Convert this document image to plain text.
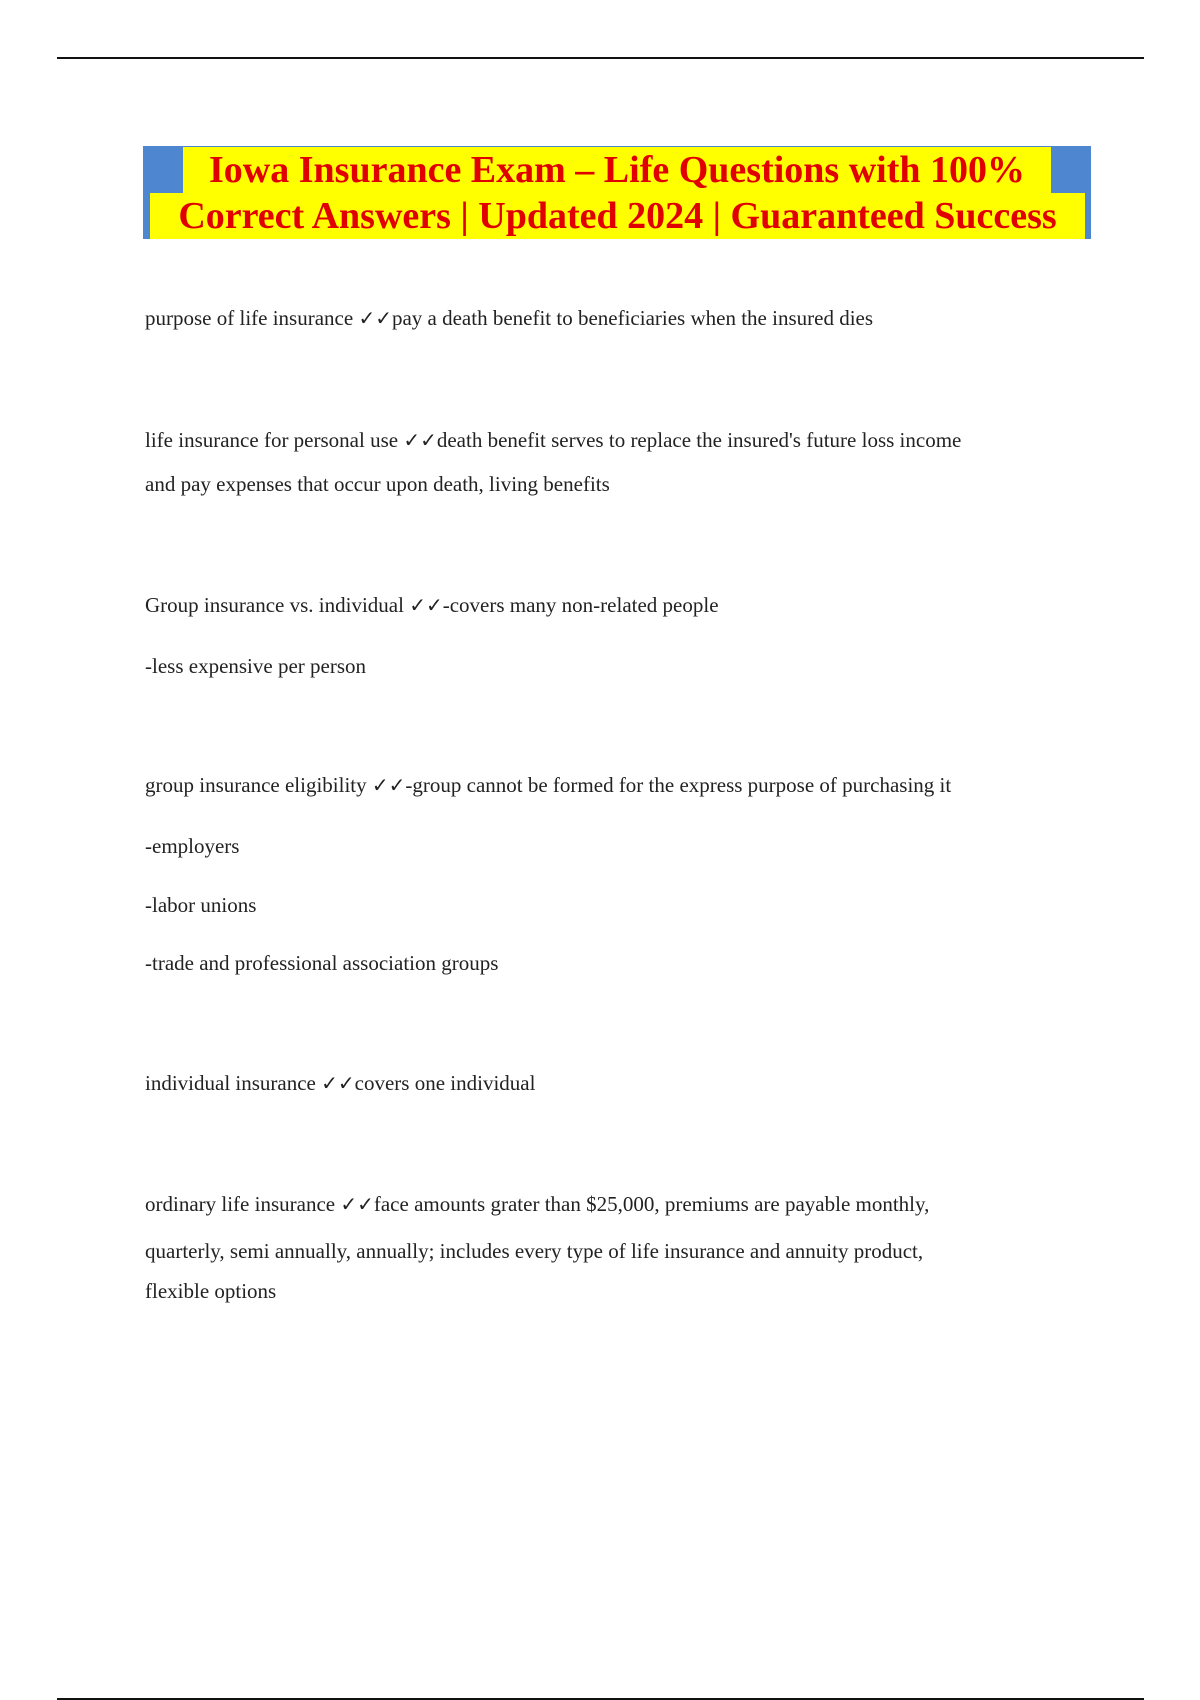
Iowa Insurance Exam – Life Questions with 100%
Correct Answers | Updated 2024 | Guaranteed Success
purpose of life insurance ✓✓pay a death benefit to beneficiaries when the insured dies
life insurance for personal use ✓✓death benefit serves to replace the insured's future loss income
and pay expenses that occur upon death, living benefits
Group insurance vs. individual ✓✓-covers many non-related people
-less expensive per person
group insurance eligibility ✓✓-group cannot be formed for the express purpose of purchasing it
-employers
-labor unions
-trade and professional association groups
individual insurance ✓✓covers one individual
ordinary life insurance ✓✓face amounts grater than $25,000, premiums are payable monthly,
quarterly, semi annually, annually; includes every type of life insurance and annuity product,
flexible options
